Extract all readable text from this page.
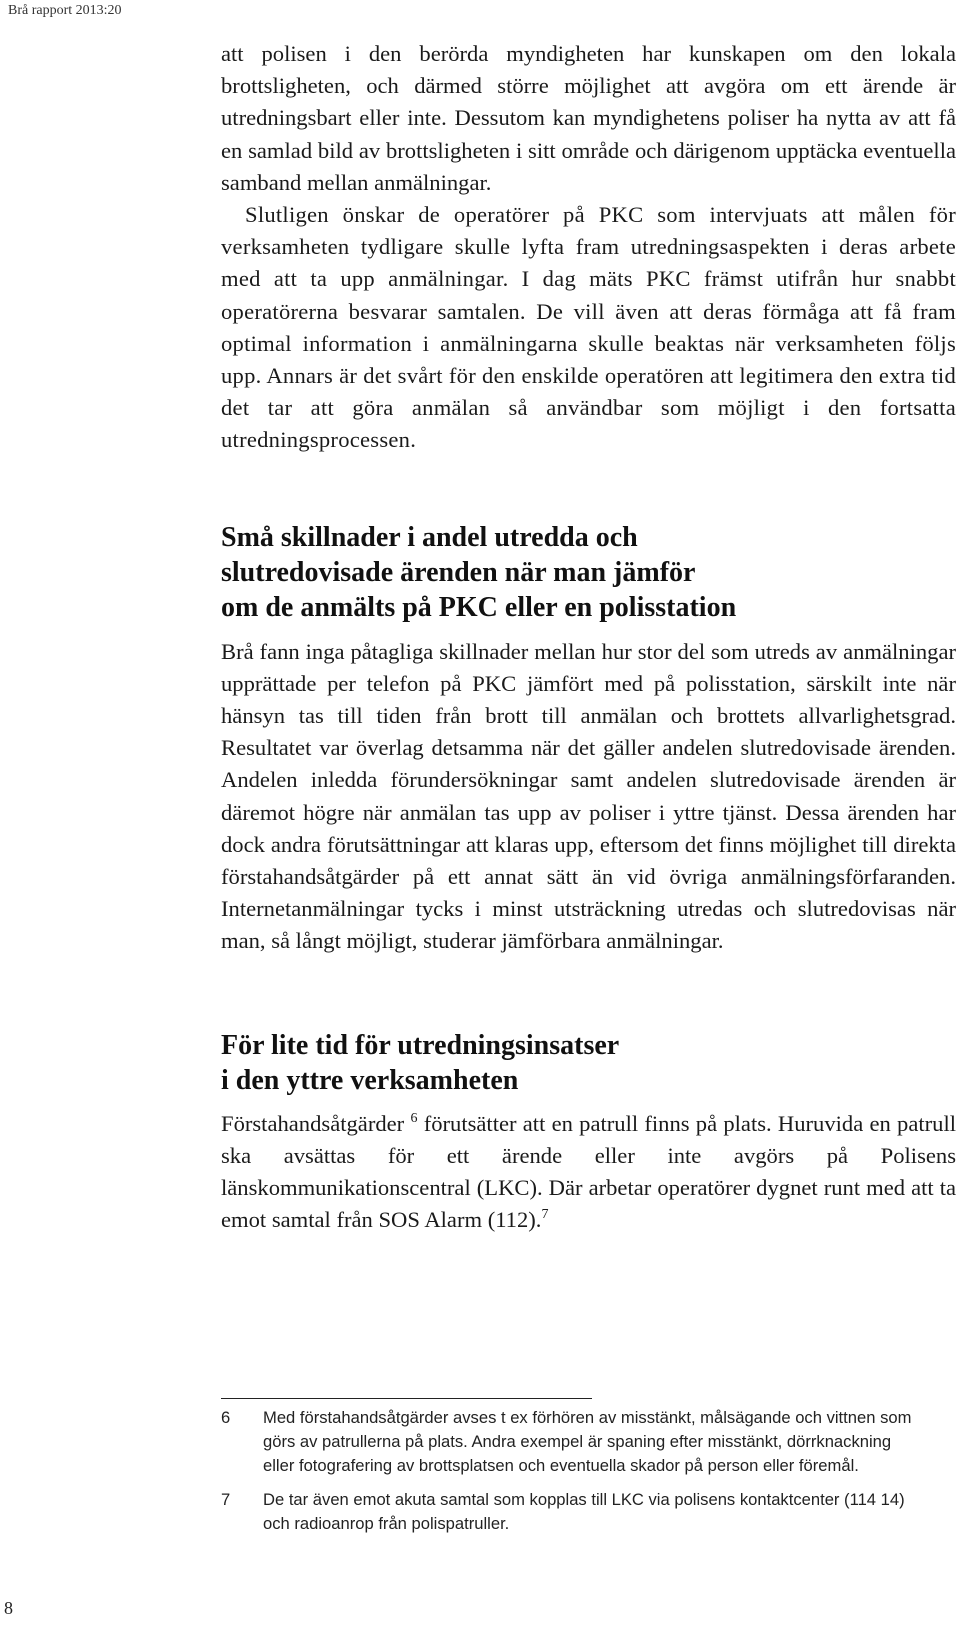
Brå rapport 2013:20

att polisen i den berörda myndigheten har kunskapen om den lokala brottsligheten, och därmed större möjlighet att avgöra om ett ärende är utredningsbart eller inte. Dessutom kan myndighetens poliser ha nytta av att få en samlad bild av brottsligheten i sitt område och därigenom upptäcka eventuella samband mellan anmälningar.

Slutligen önskar de operatörer på PKC som intervjuats att målen för verksamheten tydligare skulle lyfta fram utredningsaspekten i deras arbete med att ta upp anmälningar. I dag mäts PKC främst utifrån hur snabbt operatörerna besvarar samtalen. De vill även att deras förmåga att få fram optimal information i anmälningarna skulle beaktas när verksamheten följs upp. Annars är det svårt för den enskilde operatören att legitimera den extra tid det tar att göra anmälan så användbar som möjligt i den fortsatta utredningsprocessen.

Små skillnader i andel utredda och
slutredovisade ärenden när man jämför
om de anmälts på PKC eller en polisstation

Brå fann inga påtagliga skillnader mellan hur stor del som utreds av anmälningar upprättade per telefon på PKC jämfört med på polisstation, särskilt inte när hänsyn tas till tiden från brott till anmälan och brottets allvarlighetsgrad. Resultatet var överlag detsamma när det gäller andelen slutredovisade ärenden. Andelen inledda förundersökningar samt andelen slutredovisade ärenden är däremot högre när anmälan tas upp av poliser i yttre tjänst. Dessa ärenden har dock andra förutsättningar att klaras upp, eftersom det finns möjlighet till direkta förstahandsåtgärder på ett annat sätt än vid övriga anmälningsförfaranden. Internetanmälningar tycks i minst utsträckning utredas och slutredovisas när man, så långt möjligt, studerar jämförbara anmälningar.

För lite tid för utredningsinsatser
i den yttre verksamheten

Förstahandsåtgärder $^6$ förutsätter att en patrull finns på plats. Huruvida en patrull ska avsättas för ett ärende eller inte avgörs på Polisens länskommunikationscentral (LKC). Där arbetar operatörer dygnet runt med att ta emot samtal från SOS Alarm (112).$^7$

6 Med förstahandsåtgärder avses t ex förhören av misstänkt, målsägande och vittnen som görs av patrullerna på plats. Andra exempel är spaning efter misstänkt, dörrknackning eller fotografering av brottsplatsen och eventuella skador på person eller föremål.
7 De tar även emot akuta samtal som kopplas till LKC via polisens kontaktcenter (114 14) och radioanrop från polispatruller.
8
